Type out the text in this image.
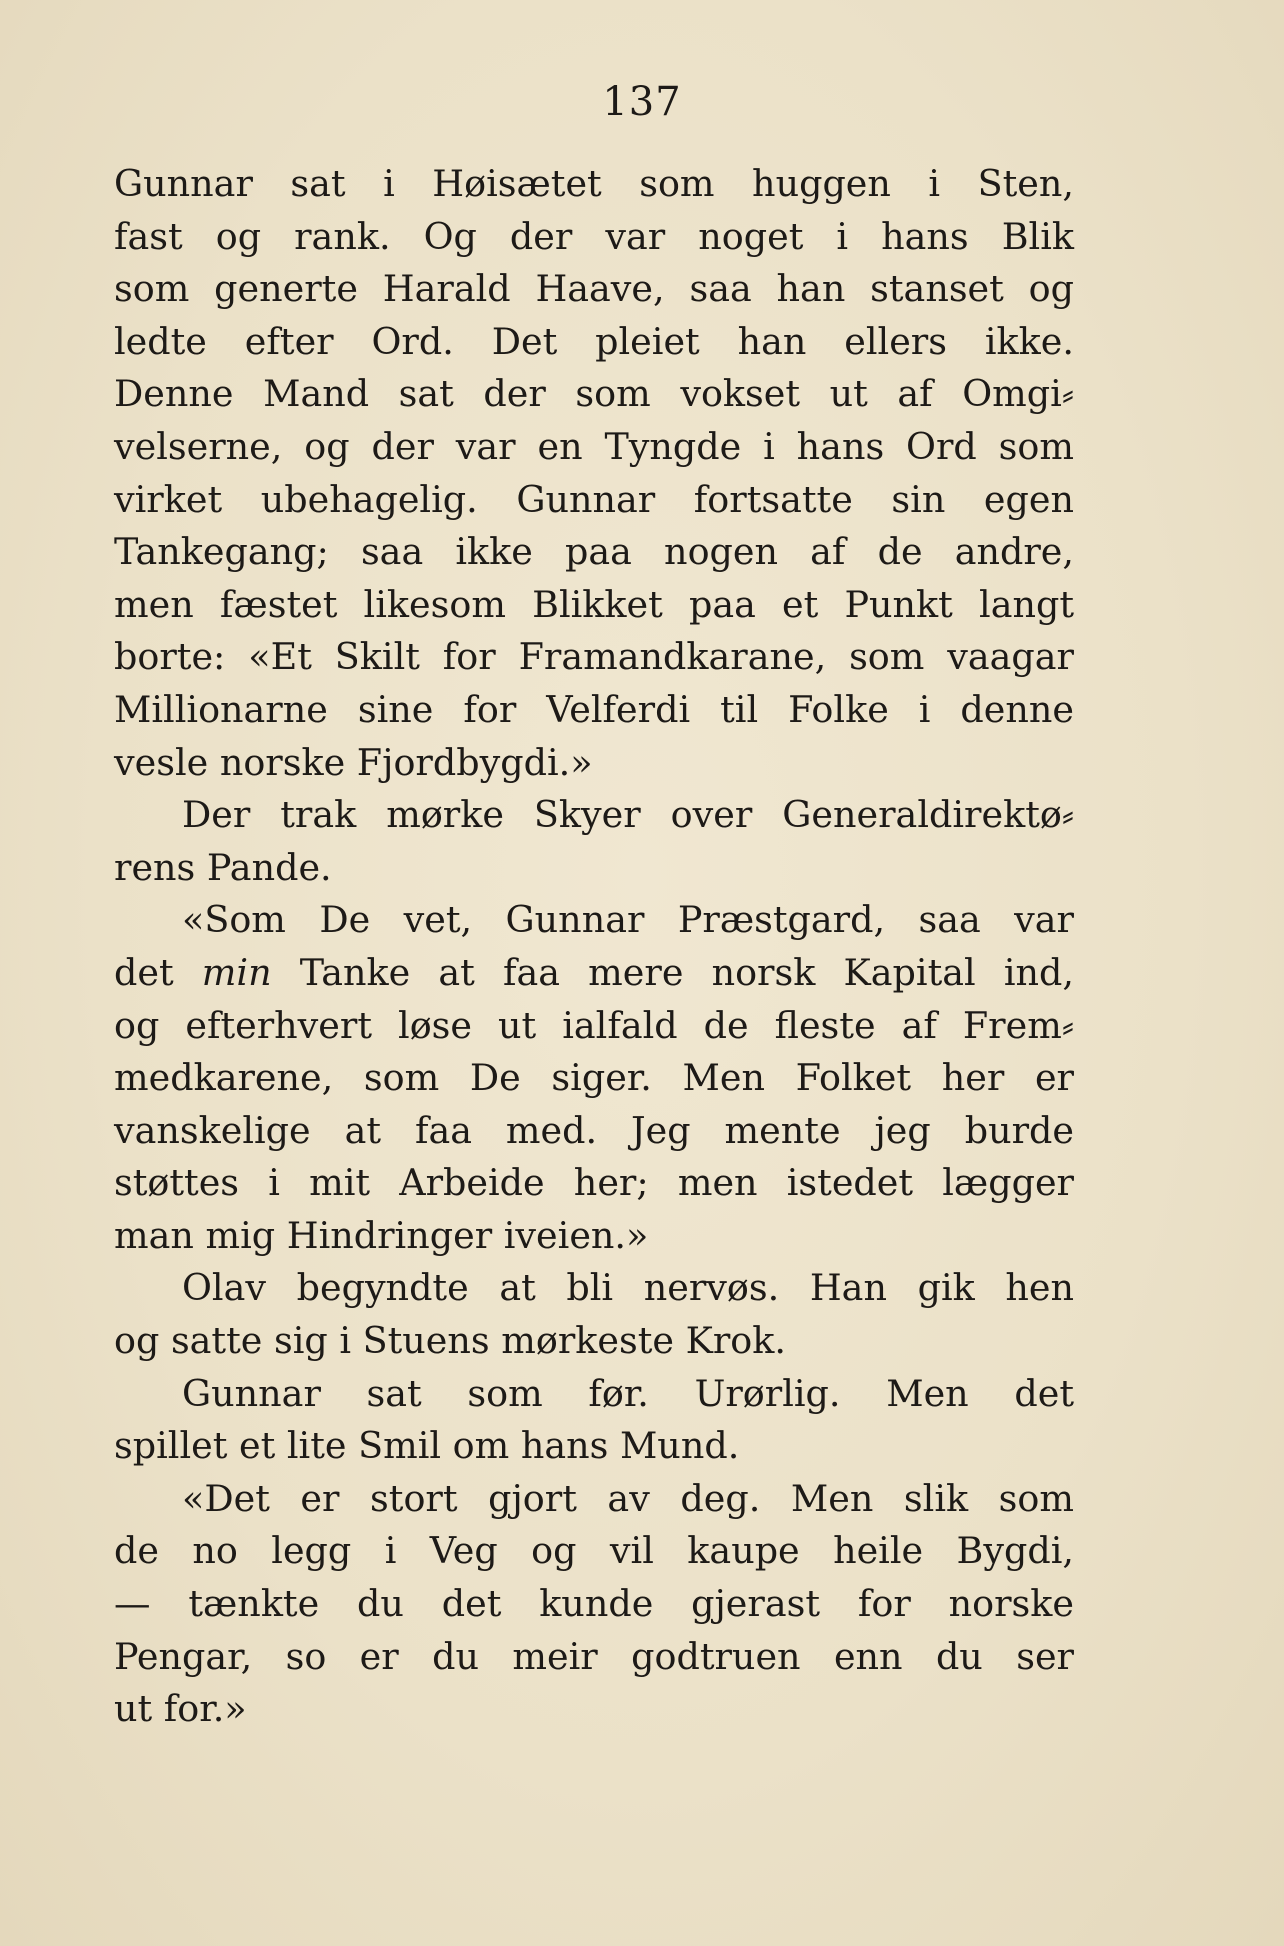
137
Gunnar sat i Høisætet som huggen i Sten,
fast og rank. Og der var noget i hans Blik
som generte Harald Haave, saa han stanset og
ledte efter Ord. Det pleiet han ellers ikke.
Denne Mand sat der som vokset ut af Omgi⸗
velserne, og der var en Tyngde i hans Ord som
virket ubehagelig. Gunnar fortsatte sin egen
Tankegang; saa ikke paa nogen af de andre,
men fæstet likesom Blikket paa et Punkt langt
borte: «Et Skilt for Framandkarane, som vaagar
Millionarne sine for Velferdi til Folke i denne
vesle norske Fjordbygdi.»
Der trak mørke Skyer over Generaldirektø⸗
rens Pande.
«Som De vet, Gunnar Præstgard, saa var
det min Tanke at faa mere norsk Kapital ind,
og efterhvert løse ut ialfald de fleste af Frem⸗
medkarene, som De siger. Men Folket her er
vanskelige at faa med. Jeg mente jeg burde
støttes i mit Arbeide her; men istedet lægger
man mig Hindringer iveien.»
Olav begyndte at bli nervøs. Han gik hen
og satte sig i Stuens mørkeste Krok.
Gunnar sat som før. Urørlig. Men det
spillet et lite Smil om hans Mund.
«Det er stort gjort av deg. Men slik som
de no legg i Veg og vil kaupe heile Bygdi,
— tænkte du det kunde gjerast for norske
Pengar, so er du meir godtruen enn du ser
ut for.»
